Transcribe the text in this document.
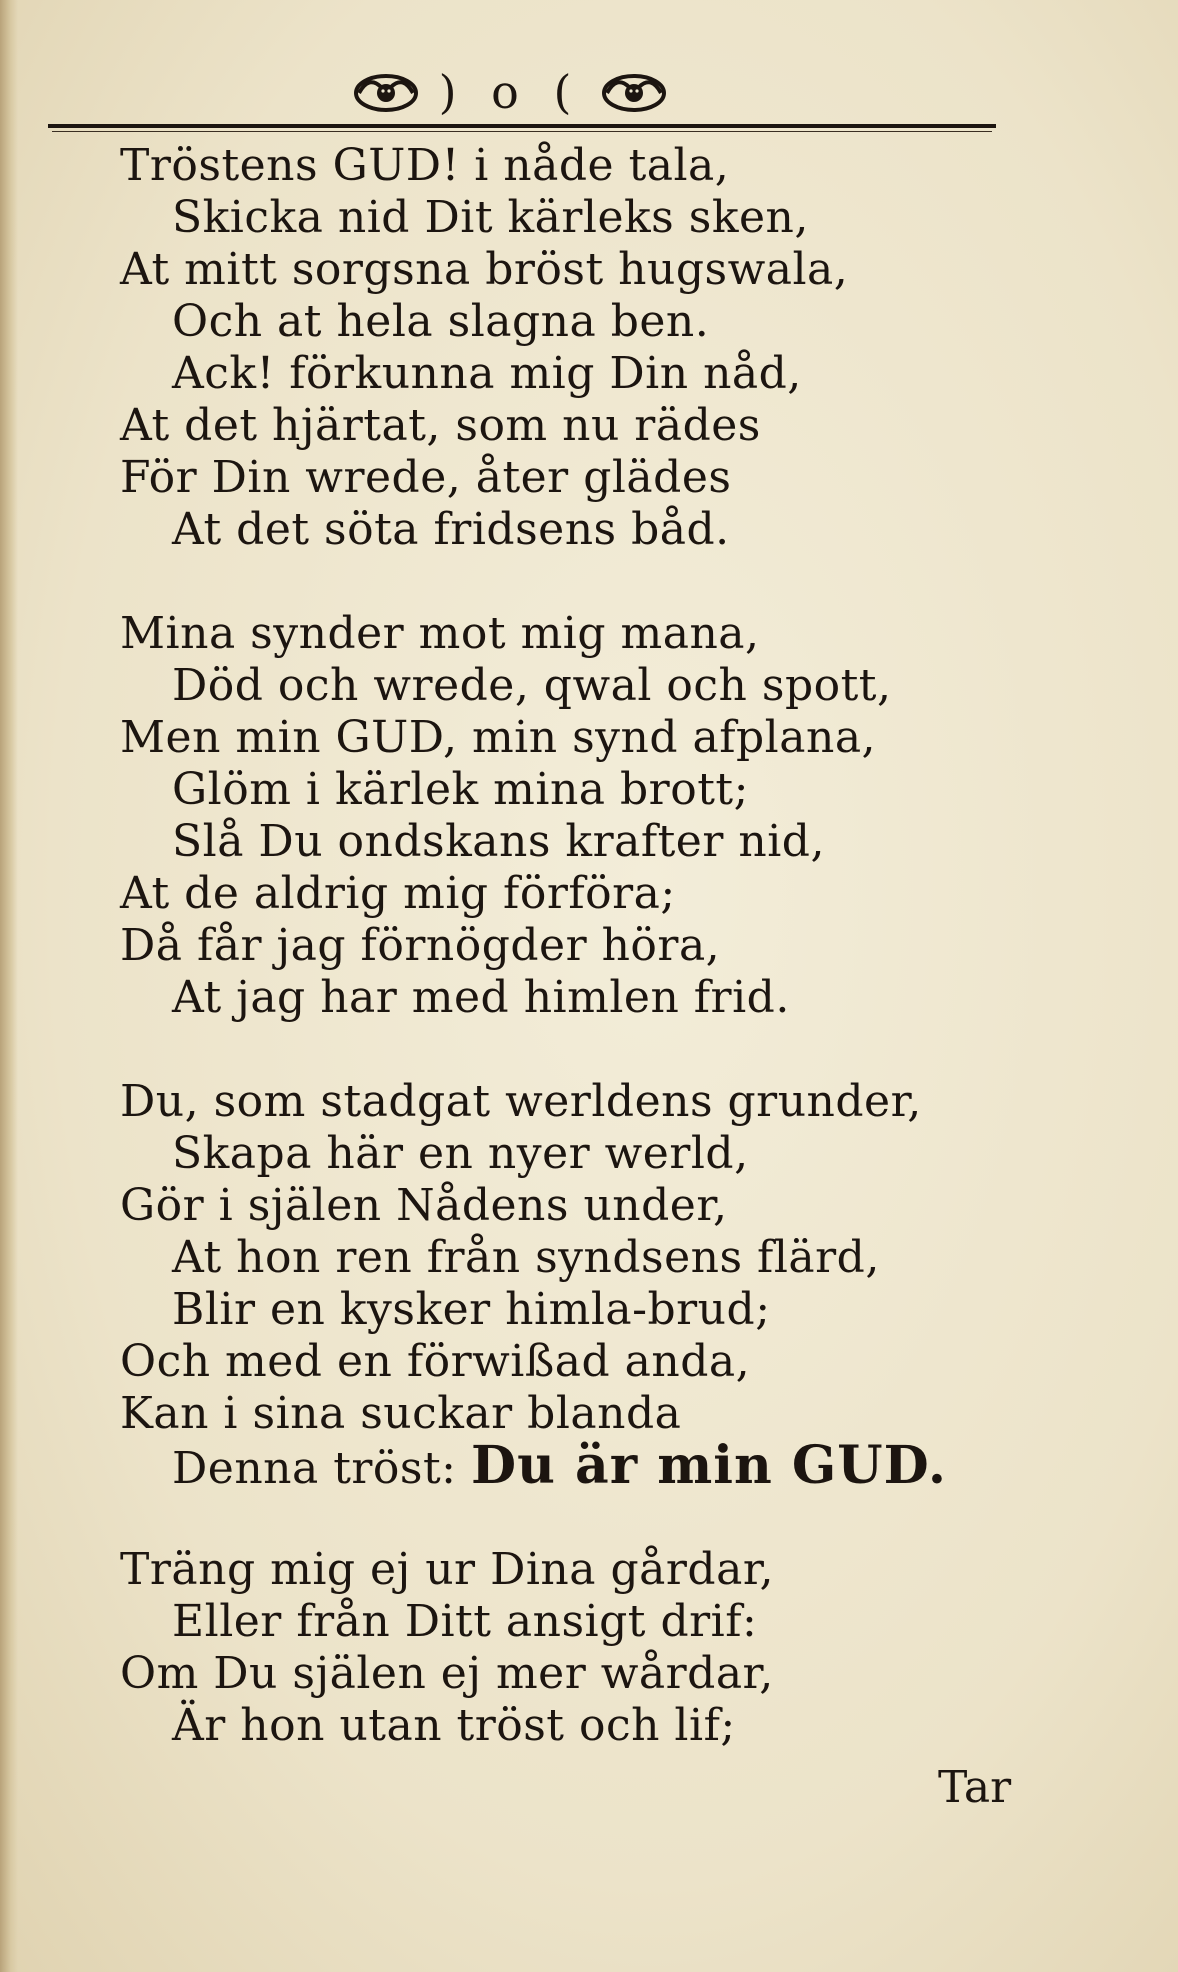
) o (
Tröstens GUD! i nåde tala,
Skicka nid Dit kärleks sken,
At mitt sorgsna bröst hugswala,
Och at hela slagna ben.
Ack! förkunna mig Din nåd,
At det hjärtat, som nu rädes
För Din wrede, åter glädes
At det söta fridsens båd.
Mina synder mot mig mana,
Död och wrede, qwal och spott,
Men min GUD, min synd afplana,
Glöm i kärlek mina brott;
Slå Du ondskans krafter nid,
At de aldrig mig förföra;
Då får jag förnögder höra,
At jag har med himlen frid.
Du, som stadgat werldens grunder,
Skapa här en nyer werld,
Gör i själen Nådens under,
At hon ren från syndsens flärd,
Blir en kysker himla-brud;
Och med en förwißad anda,
Kan i sina suckar blanda
Denna tröst: Du är min GUD.
Träng mig ej ur Dina gårdar,
Eller från Ditt ansigt drif:
Om Du själen ej mer wårdar,
Är hon utan tröst och lif;
Tar
